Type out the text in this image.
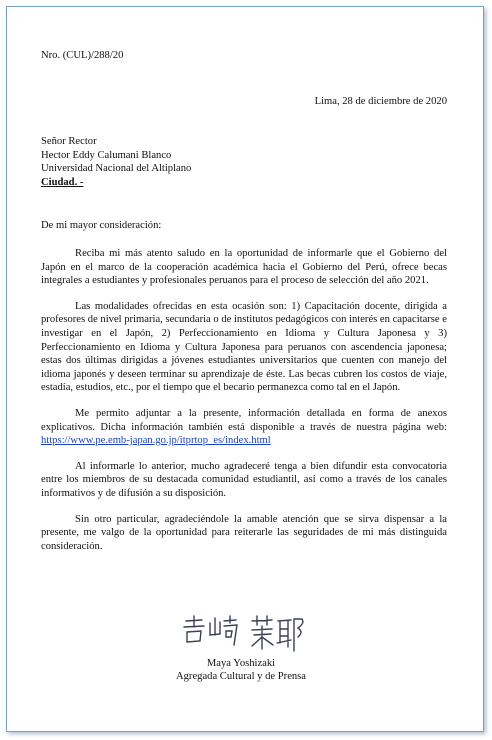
Nro. (CUL)/288/20
Lima, 28 de diciembre de 2020
Señor Rector
Hector Eddy Calumani Blanco
Universidad Nacional del Altiplano
Ciudad. -
De mi mayor consideración:

Reciba mi más atento saludo en la oportunidad de informarle que el Gobierno del Japón en el marco de la cooperación académica hacia el Gobierno del Perú, ofrece becas integrales a estudiantes y profesionales peruanos para el proceso de selección del año 2021.

Las modalidades ofrecidas en esta ocasión son: 1) Capacitación docente, dirigida a profesores de nivel primaria, secundaria o de institutos pedagógicos con interés en capacitarse e investigar en el Japón, 2) Perfeccionamiento en Idioma y Cultura Japonesa y 3) Perfeccionamiento en Idioma y Cultura Japonesa para peruanos con ascendencia japonesa; estas dos últimas dirigidas a jóvenes estudiantes universitarios que cuenten con manejo del idioma japonés y deseen terminar su aprendizaje de éste. Las becas cubren los costos de viaje, estadía, estudios, etc., por el tiempo que el becario permanezca como tal en el Japón.

Me permito adjuntar a la presente, información detallada en forma de anexos explicativos. Dicha información también está disponible a través de nuestra página web: https://www.pe.emb-japan.go.jp/itprtop_es/index.html

Al informarle lo anterior, mucho agradeceré tenga a bien difundir esta convocatoria entre los miembros de su destacada comunidad estudiantil, así como a través de los canales informativos y de difusión a su disposición.

Sin otro particular, agradeciéndole la amable atención que se sirva dispensar a la presente, me valgo de la oportunidad para reiterarle las seguridades de mi más distinguida consideración.

Maya Yoshizaki
Agregada Cultural y de Prensa
